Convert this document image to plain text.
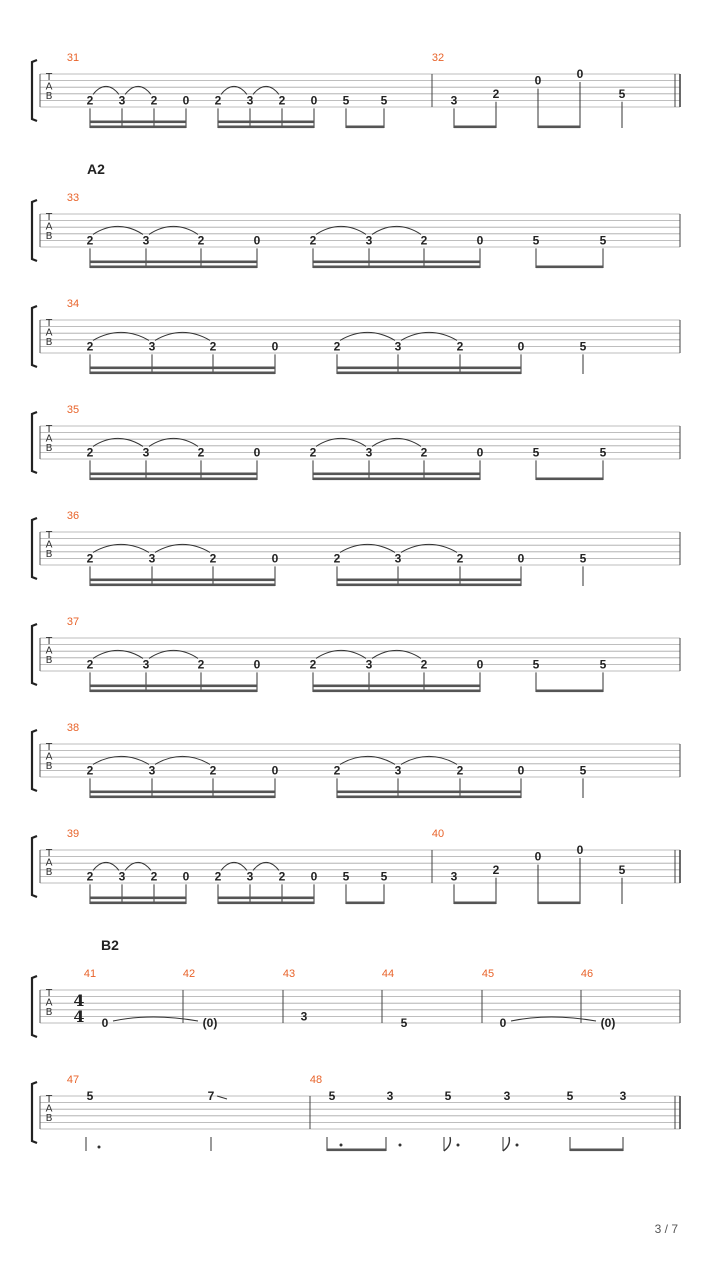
T
A
B
31	32
2 3 2 0 2 3 2 0 5	5	3	2
0	0
5
T
A
B
A2
33
2	3	2	0	2	3	2	0	5	5
T
A
B
34
2	3	2	0	2	3	2	0	5
T
A
B
35
2	3	2	0	2	3	2	0	5	5
T
A
B
36
2	3	2	0	2	3	2	0	5
T
A
B
37
2	3	2	0	2	3	2	0	5	5
T
A
B
38
2	3	2	0	2	3	2	0	5
T
A
B
39	40
2 3 2 0 2 3 2 0 5	5	3	2
0	0
5
T
A
B
B2
41	42	43	44	45	46
4
4 0	(0)	3	5	0	(0)
T
A
B
47	48
5	7	5	3	5	3	5	3
3 / 7
